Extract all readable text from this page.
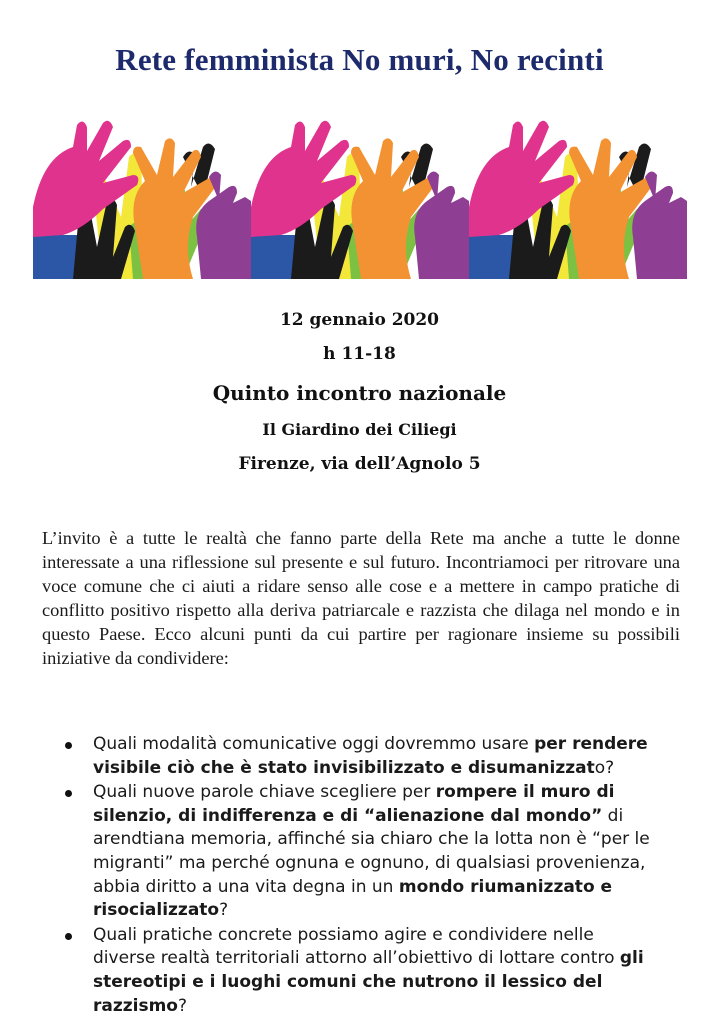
Rete femminista No muri, No recinti
12 gennaio 2020
h 11-18
Quinto incontro nazionale
Il Giardino dei Ciliegi
Firenze, via dell’Agnolo 5
L’invito è a tutte le realtà che fanno parte della Rete ma anche a tutte le donne interessate a una riflessione sul presente e sul futuro. Incontriamoci per ritrovare una voce comune che ci aiuti a ridare senso alle cose e a mettere in campo pratiche di conflitto positivo rispetto alla deriva patriarcale e razzista che dilaga nel mondo e in questo Paese. Ecco alcuni punti da cui partire per ragionare insieme su possibili iniziative da condividere:
Quali modalità comunicative oggi dovremmo usare per rendere visibile ciò che è stato invisibilizzato e disumanizzato?
Quali nuove parole chiave scegliere per rompere il muro di silenzio, di indifferenza e di “alienazione dal mondo” di arendtiana memoria, affinché sia chiaro che la lotta non è “per le migranti” ma perché ognuna e ognuno, di qualsiasi provenienza, abbia diritto a una vita degna in un mondo riumanizzato e risocializzato?
Quali pratiche concrete possiamo agire e condividere nelle diverse realtà territoriali attorno all’obiettivo di lottare contro gli stereotipi e i luoghi comuni che nutrono il lessico del razzismo?
